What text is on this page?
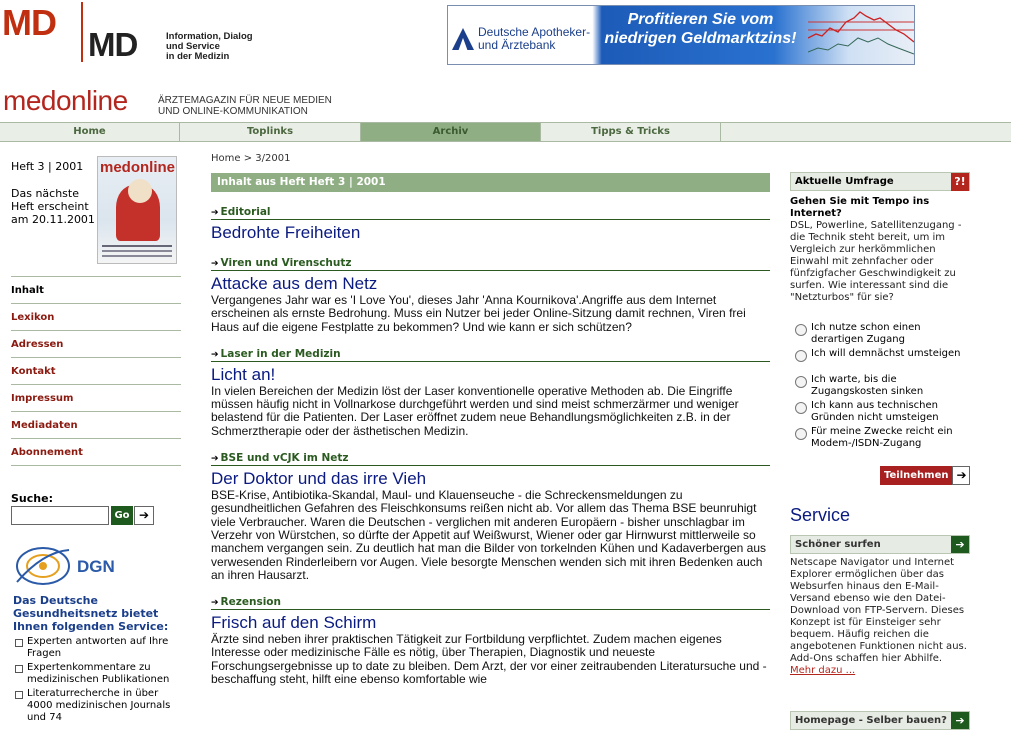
MD
MD	Information, Dialog
und Service
in der Medizin
Deutsche Apotheker-
und Ärztebank
Profitieren Sie vom niedrigen Geldmarktzins!
medonline	ÄRZTEMAGAZIN FÜR NEUE MEDIEN
UND ONLINE-KOMMUNIKATION
Home	Toplinks	Archiv	Tipps & Tricks
Heft 3 | 2001
Das nächste Heft erscheint am 20.11.2001
medonline
Inhalt
Lexikon
Adressen
Kontakt
Impressum
Mediadaten
Abonnement
Suche:
Go ➔
DGN
Das Deutsche Gesundheitsnetz bietet Ihnen folgenden Service:
Experten antworten auf Ihre Fragen
Expertenkommentare zu medizinischen Publikationen
Literaturrecherche in über 4000 medizinischen Journals und 74
Home > 3/2001
Inhalt aus Heft Heft 3 | 2001
➔ Editorial
Bedrohte Freiheiten
➔ Viren und Virenschutz
Attacke aus dem Netz
Vergangenes Jahr war es 'I Love You', dieses Jahr 'Anna Kournikova'.Angriffe aus dem Internet erscheinen als ernste Bedrohung. Muss ein Nutzer bei jeder Online-Sitzung damit rechnen, Viren frei Haus auf die eigene Festplatte zu bekommen? Und wie kann er sich schützen?
➔ Laser in der Medizin
Licht an!
In vielen Bereichen der Medizin löst der Laser konventionelle operative Methoden ab. Die Eingriffe müssen häufig nicht in Vollnarkose durchgeführt werden und sind meist schmerzärmer und weniger belastend für die Patienten. Der Laser eröffnet zudem neue Behandlungsmöglichkeiten z.B. in der Schmerztherapie oder der ästhetischen Medizin.
➔ BSE und vCJK im Netz
Der Doktor und das irre Vieh
BSE-Krise, Antibiotika-Skandal, Maul- und Klauenseuche - die Schreckensmeldungen zu gesundheitlichen Gefahren des Fleischkonsums reißen nicht ab. Vor allem das Thema BSE beunruhigt viele Verbraucher. Waren die Deutschen - verglichen mit anderen Europäern - bisher unschlagbar im Verzehr von Würstchen, so dürfte der Appetit auf Weißwurst, Wiener oder gar Hirnwurst mittlerweile so manchem vergangen sein. Zu deutlich hat man die Bilder von torkelnden Kühen und Kadaverbergen aus verwesenden Rinderleibern vor Augen. Viele besorgte Menschen wenden sich mit ihren Bedenken auch an ihren Hausarzt.
➔ Rezension
Frisch auf den Schirm
Ärzte sind neben ihrer praktischen Tätigkeit zur Fortbildung verpflichtet. Zudem machen eigenes Interesse oder medizinische Fälle es nötig, über Therapien, Diagnostik und neueste Forschungsergebnisse up to date zu bleiben. Dem Arzt, der vor einer zeitraubenden Literatursuche und -beschaffung steht, hilft eine ebenso komfortable wie
Aktuelle Umfrage	?!
Gehen Sie mit Tempo ins Internet?
DSL, Powerline, Satellitenzugang - die Technik steht bereit, um im Vergleich zur herkömmlichen Einwahl mit zehnfacher oder fünfzigfacher Geschwindigkeit zu surfen. Wie interessant sind die "Netzturbos" für sie?
Ich nutze schon einen derartigen Zugang
Ich will demnächst umsteigen
Ich warte, bis die Zugangskosten sinken
Ich kann aus technischen Gründen nicht umsteigen
Für meine Zwecke reicht ein Modem-/ISDN-Zugang
Teilnehmen ➔
Service
Schöner surfen	➔
Netscape Navigator und Internet Explorer ermöglichen über das Websurfen hinaus den E-Mail-Versand ebenso wie den Datei-Download von FTP-Servern. Dieses Konzept ist für Einsteiger sehr bequem. Häufig reichen die angebotenen Funktionen nicht aus. Add-Ons schaffen hier Abhilfe. Mehr dazu ...
Homepage - Selber bauen? ➔
